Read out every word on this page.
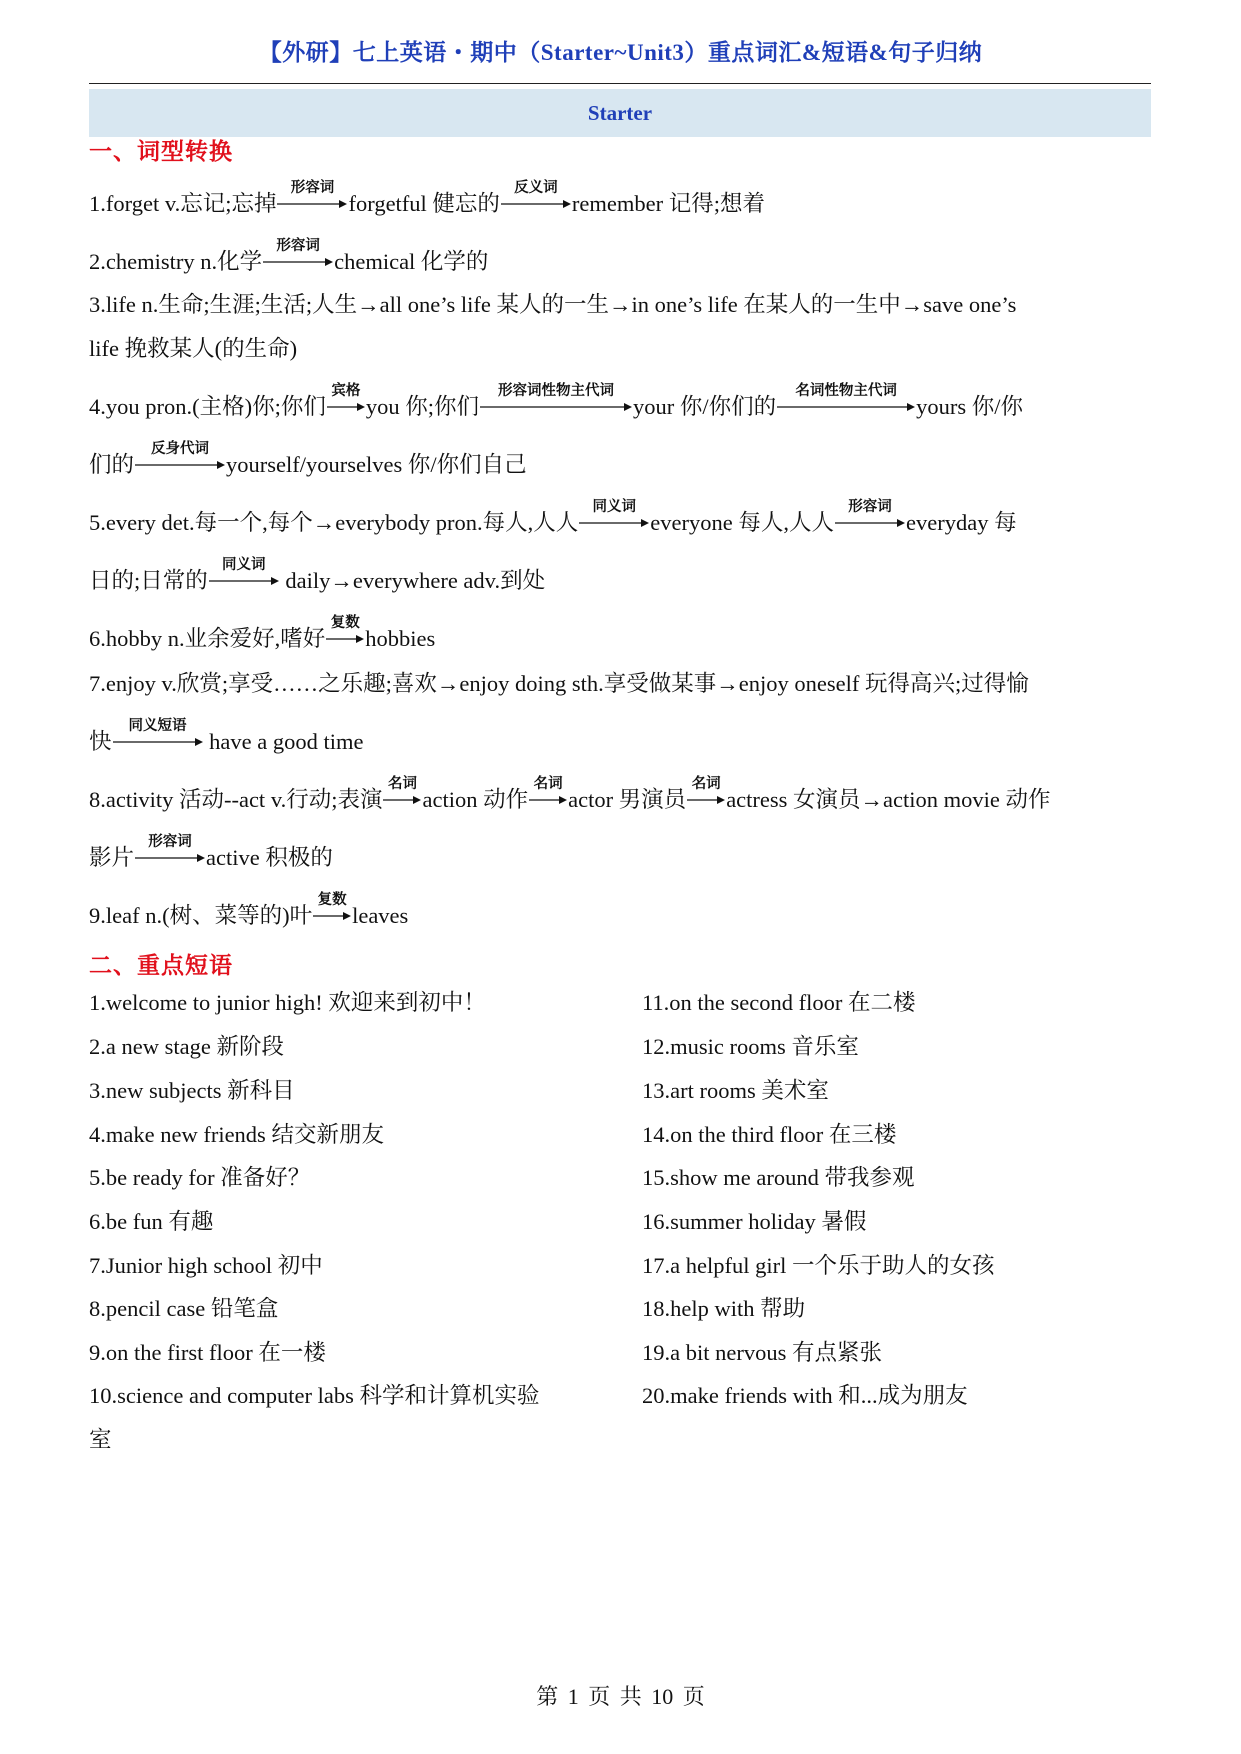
【外研】七上英语・期中（Starter~Unit3）重点词汇&短语&句子归纳
Starter
一、词型转换
1.forget v.忘记;忘掉
形容词
forgetful 健忘的
反义词
remember 记得;想着
2.chemistry n.化学
形容词
chemical 化学的
3.life n.生命;生涯;生活;人生→all one’s life 某人的一生→in one’s life 在某人的一生中→save one’s
life 挽救某人(的生命)
4.you pron.(主格)你;你们
宾格
you 你;你们
形容词性物主代词
your 你/你们的
名词性物主代词
yours 你/你
们的
反身代词
yourself/yourselves 你/你们自己
5.every det.每一个,每个→everybody pron.每人,人人
同义词
everyone 每人,人人
形容词
everyday 每
日的;日常的
同义词
daily→everywhere adv.到处
6.hobby n.业余爱好,嗜好
复数
hobbies
7.enjoy v.欣赏;享受……之乐趣;喜欢→enjoy doing sth.享受做某事→enjoy oneself 玩得高兴;过得愉
快
同义短语
have a good time
8.activity 活动--act v.行动;表演
名词
action 动作
名词
actor 男演员
名词
actress 女演员→action movie 动作
影片
形容词
active 积极的
9.leaf n.(树、菜等的)叶
复数
leaves
二、重点短语
1.welcome to junior high! 欢迎来到初中！
2.a new stage 新阶段
3.new subjects 新科目
4.make new friends 结交新朋友
5.be ready for 准备好？
6.be fun 有趣
7.Junior high school 初中
8.pencil case 铅笔盒
9.on the first floor 在一楼
10.science and computer labs 科学和计算机实验
室
11.on the second floor 在二楼
12.music rooms 音乐室
13.art rooms 美术室
14.on the third floor 在三楼
15.show me around 带我参观
16.summer holiday 暑假
17.a helpful girl 一个乐于助人的女孩
18.help with 帮助
19.a bit nervous 有点紧张
20.make friends with 和...成为朋友
第 1 页 共 10 页
